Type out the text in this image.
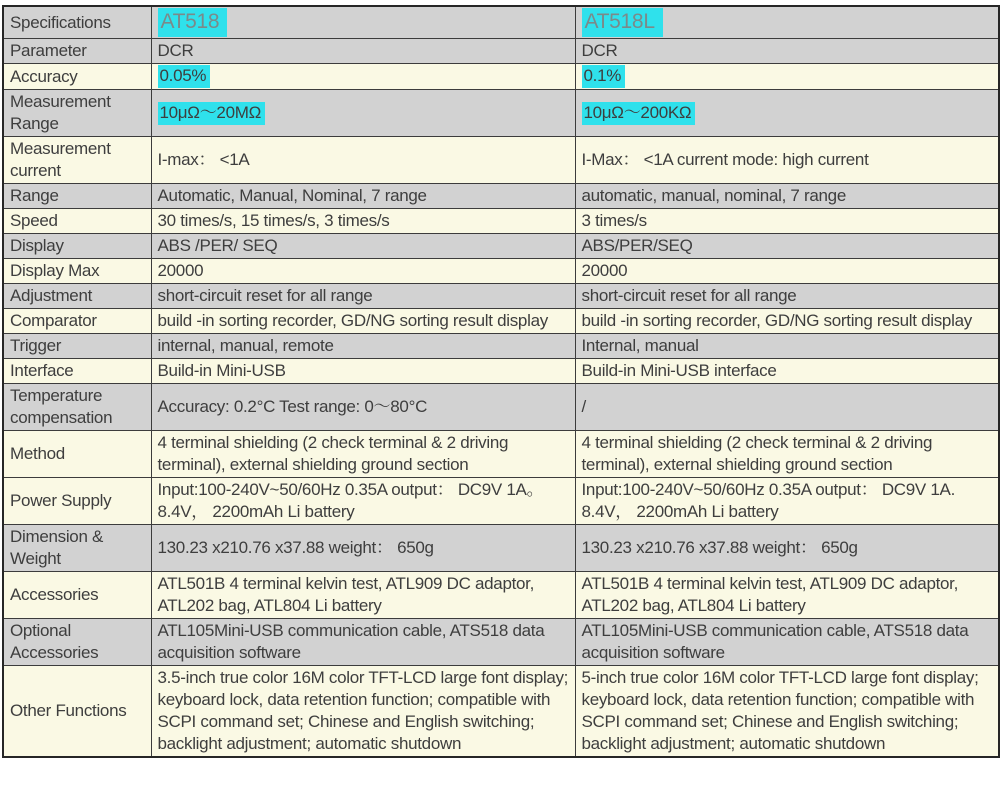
Specifications	AT518	AT518L
Parameter	DCR	DCR
Accuracy	0.05%	0.1%
Measurement Range	10μΩ～20MΩ	10μΩ～200KΩ
Measurement current	I-max： <1A	I-Max： <1A current mode: high current
Range	Automatic, Manual, Nominal, 7 range	automatic, manual, nominal, 7 range
Speed	30 times/s, 15 times/s, 3 times/s	3 times/s
Display	ABS /PER/ SEQ	ABS/PER/SEQ
Display Max	20000	20000
Adjustment	short-circuit reset for all range	short-circuit reset for all range
Comparator	build -in sorting recorder, GD/NG sorting result display	build -in sorting recorder, GD/NG sorting result display
Trigger	internal, manual, remote	Internal, manual
Interface	Build-in Mini-USB	Build-in Mini-USB interface
Temperature compensation	Accuracy: 0.2°C Test range: 0～80°C	/
Method	4 terminal shielding (2 check terminal & 2 driving terminal), external shielding ground section	4 terminal shielding (2 check terminal & 2 driving terminal), external shielding ground section
Power Supply	Input:100-240V~50/60Hz 0.35A output： DC9V 1A。8.4V， 2200mAh Li battery	Input:100-240V~50/60Hz 0.35A output： DC9V 1A. 8.4V， 2200mAh Li battery
Dimension & Weight	130.23 x210.76 x37.88 weight： 650g	130.23 x210.76 x37.88 weight： 650g
Accessories	ATL501B 4 terminal kelvin test, ATL909 DC adaptor, ATL202 bag, ATL804 Li battery	ATL501B 4 terminal kelvin test, ATL909 DC adaptor, ATL202 bag, ATL804 Li battery
Optional Accessories	ATL105Mini-USB communication cable, ATS518 data acquisition software	ATL105Mini-USB communication cable, ATS518 data acquisition software
Other Functions	3.5-inch true color 16M color TFT-LCD large font display; keyboard lock, data retention function; compatible with SCPI command set; Chinese and English switching; backlight adjustment; automatic shutdown	5-inch true color 16M color TFT-LCD large font display; keyboard lock, data retention function; compatible with SCPI command set; Chinese and English switching; backlight adjustment; automatic shutdown
